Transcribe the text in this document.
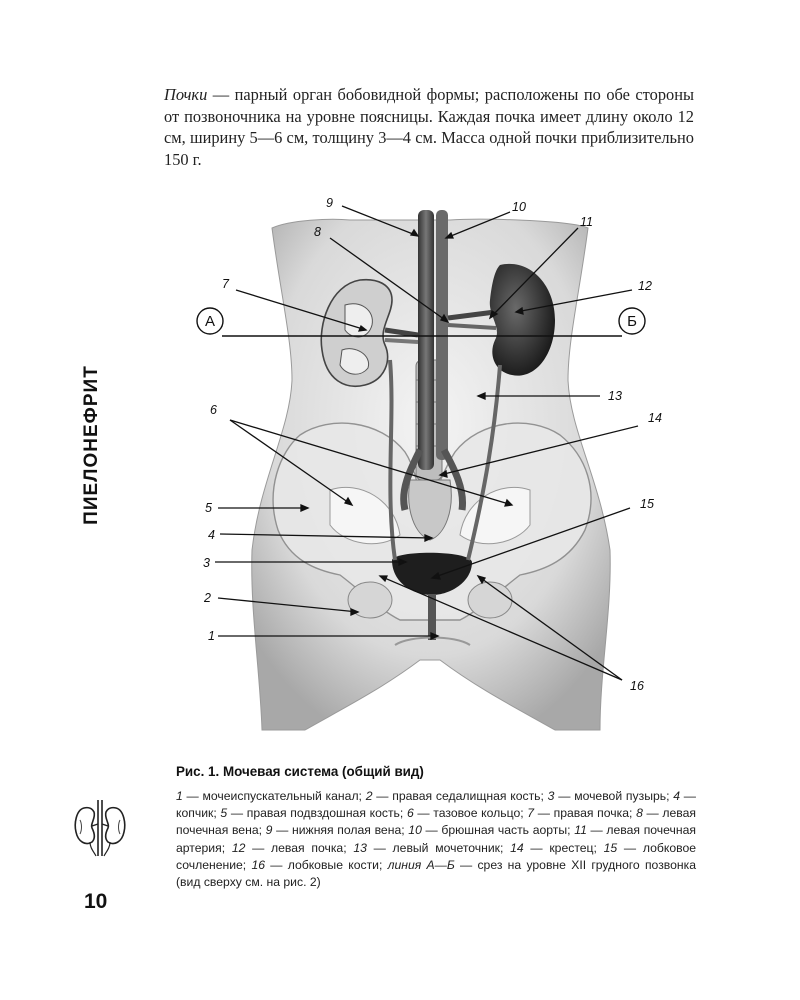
Почки — парный орган бобовидной формы; расположены по обе стороны от позвоночника на уровне поясницы. Каждая почка имеет длину около 12 см, ширину 5—6 см, толщину 3—4 см. Масса одной почки приблизительно 150 г.

ПИЕЛОНЕФРИТ
1
2
3
4
5
6
7
8
9	10
11
12
13
14
15
16
А	Б
Рис. 1. Мочевая система (общий вид)
1 — мочеиспускательный канал; 2 — правая седалищная кость; 3 — мочевой пузырь; 4 — копчик; 5 — правая подвздошная кость; 6 — тазовое кольцо; 7 — правая почка; 8 — левая почечная вена; 9 — нижняя полая вена; 10 — брюшная часть аорты; 11 — левая почечная артерия; 12 — левая почка; 13 — левый мочеточник; 14 — крестец; 15 — лобковое сочленение; 16 — лобковые кости; линия А—Б — срез на уровне XII грудного позвонка (вид сверху см. на рис. 2)
10
